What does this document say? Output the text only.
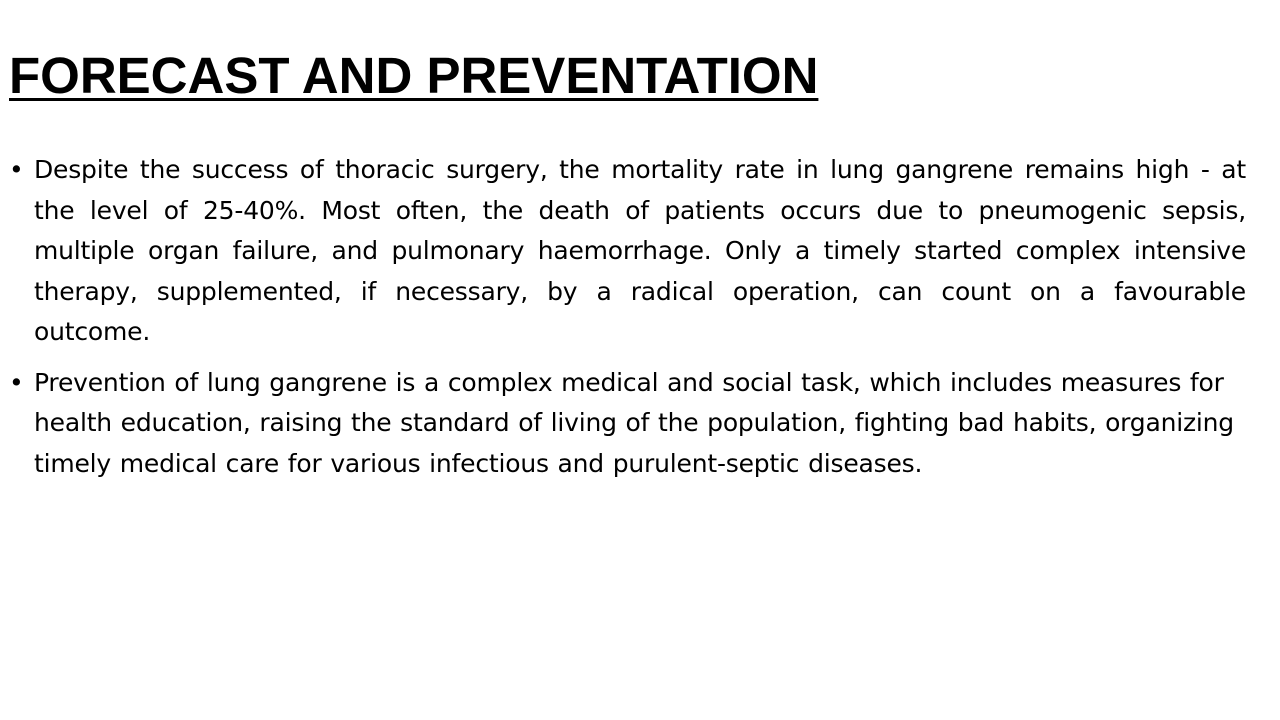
FORECAST AND PREVENTATION
• Despite the success of thoracic surgery, the mortality rate in lung gangrene remains high - at the level of 25-40%. Most often, the death of patients occurs due to pneumogenic sepsis, multiple organ failure, and pulmonary haemorrhage. Only a timely started complex intensive therapy, supplemented, if necessary, by a radical operation, can count on a favourable outcome.
• Prevention of lung gangrene is a complex medical and social task, which includes measures for health education, raising the standard of living of the population, fighting bad habits, organizing timely medical care for various infectious and purulent-septic diseases.
